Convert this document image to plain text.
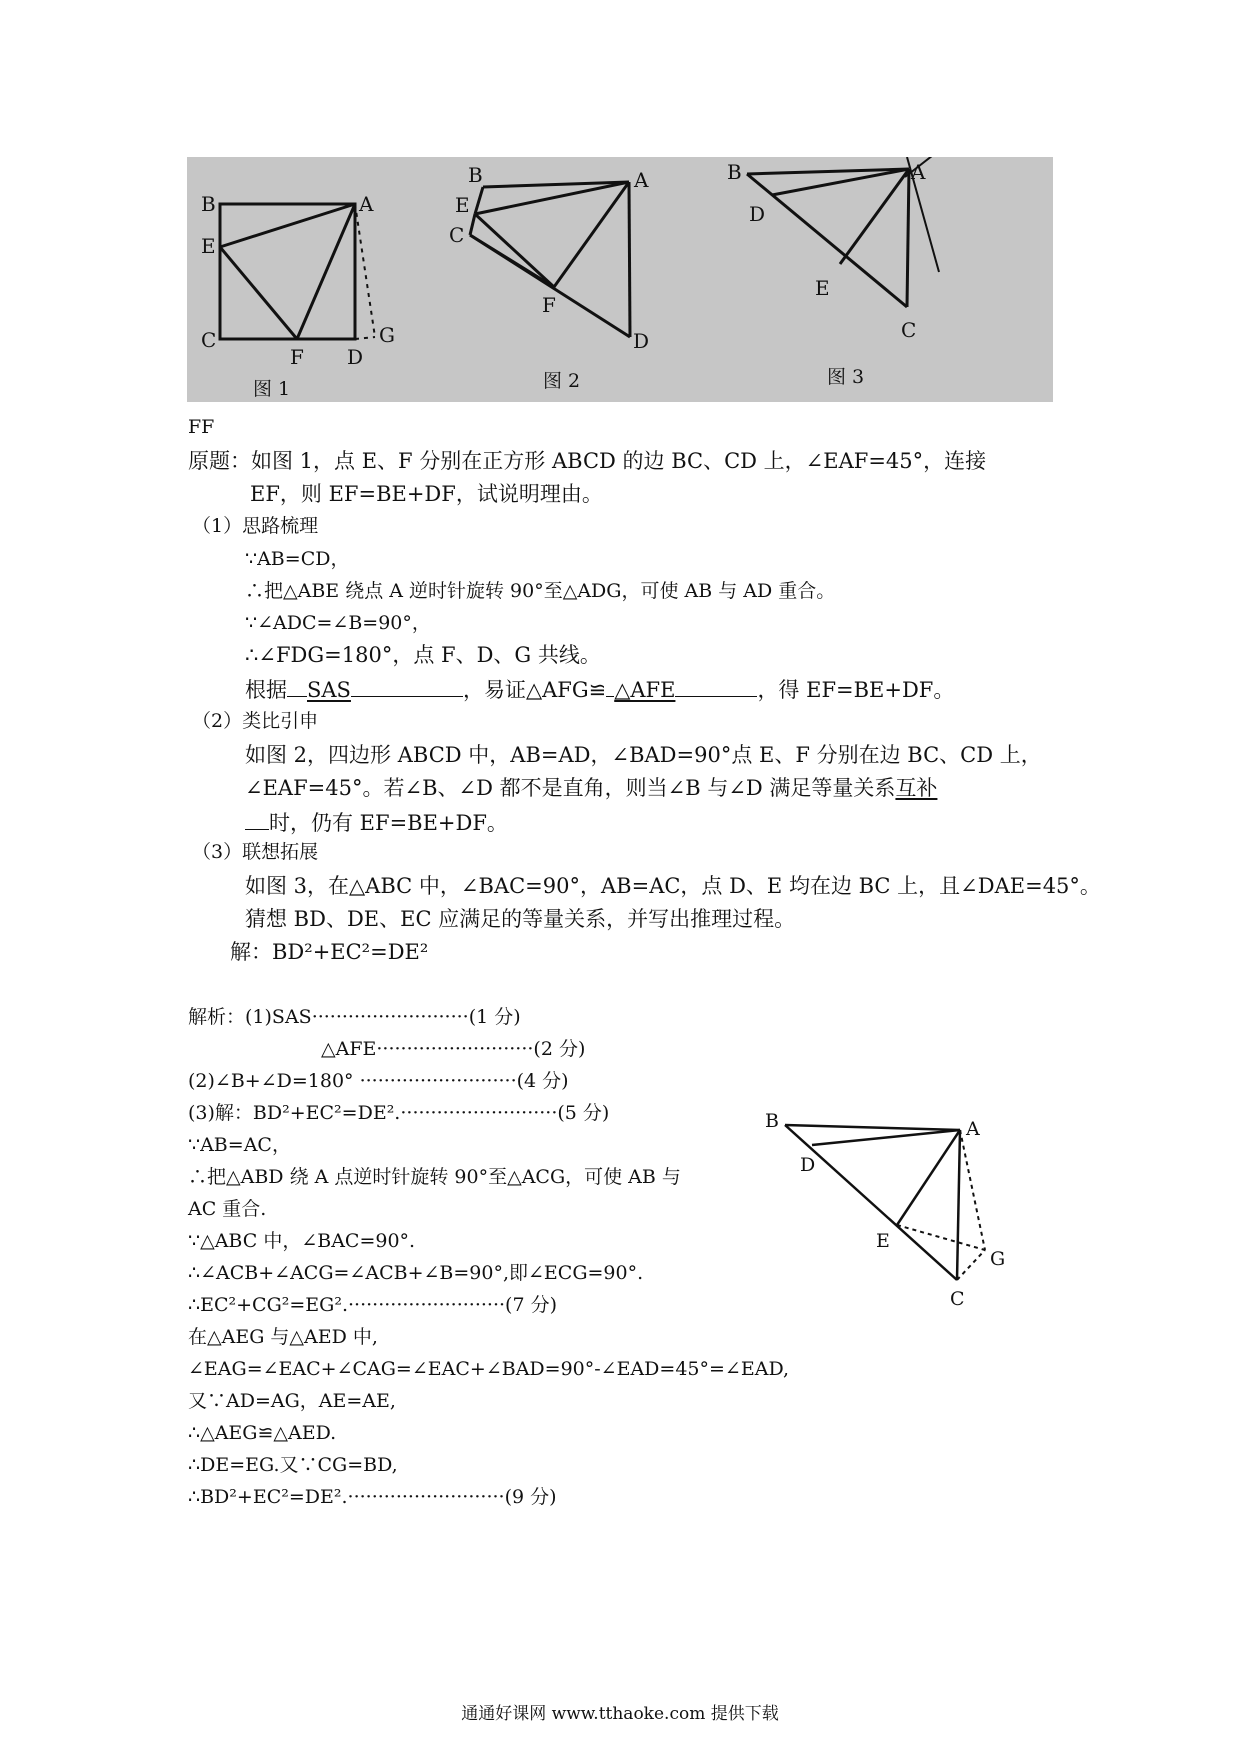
B	A
E
C
F D
G
图 1
B	A
E
C
F
D
图 2
B	A
D
E
C
图 3
FF
原题：如图 1，点 E、F 分别在正方形 ABCD 的边 BC、CD 上，∠EAF=45°，连接
EF，则 EF=BE+DF，试说明理由。
（1）思路梳理
∵AB=CD，
∴把△ABE 绕点 A 逆时针旋转 90°至△ADG，可使 AB 与 AD 重合。
∵∠ADC=∠B=90°，
∴∠FDG=180°，点 F、D、G 共线。
根据 SAS	，易证△AFG≌ △AFE	，得 EF=BE+DF。
（2）类比引申
如图 2，四边形 ABCD 中，AB=AD，∠BAD=90°点 E、F 分别在边 BC、CD 上，
∠EAF=45°。若∠B、∠D 都不是直角，则当∠B 与∠D 满足等量关系互补
时，仍有 EF=BE+DF。
（3）联想拓展
如图 3，在△ABC 中，∠BAC=90°，AB=AC，点 D、E 均在边 BC 上，且∠DAE=45°。
猜想 BD、DE、EC 应满足的等量关系，并写出推理过程。
解：BD²+EC²=DE²
解析：(1)SAS··························(1 分)
△AFE··························(2 分)
(2)∠B+∠D=180° ··························(4 分)
(3)解：BD²+EC²=DE².··························(5 分)
∵AB=AC，
∴把△ABD 绕 A 点逆时针旋转 90°至△ACG，可使 AB 与
AC 重合.
∵△ABC 中，∠BAC=90°.
∴∠ACB+∠ACG=∠ACB+∠B=90°,即∠ECG=90°.
∴EC²+CG²=EG².··························(7 分)
在△AEG 与△AED 中,
∠EAG=∠EAC+∠CAG=∠EAC+∠BAD=90°-∠EAD=45°=∠EAD,
又∵AD=AG，AE=AE,
∴△AEG≌△AED.
∴DE=EG.又∵CG=BD,
∴BD²+EC²=DE².··························(9 分)
B	A
D
E
G
C
通通好课网 www.tthaoke.com 提供下载
